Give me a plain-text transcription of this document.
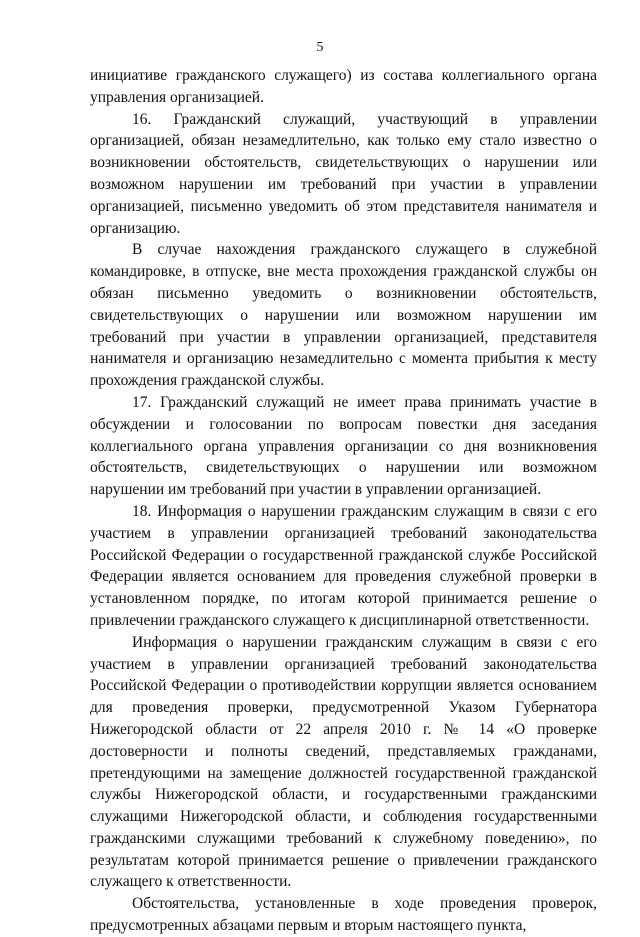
5

инициативе гражданского служащего) из состава коллегиального органа управления организацией.

16. Гражданский служащий, участвующий в управлении организацией, обязан незамедлительно, как только ему стало известно о возникновении обстоятельств, свидетельствующих о нарушении или возможном нарушении им требований при участии в управлении организацией, письменно уведомить об этом представителя нанимателя и организацию.

В случае нахождения гражданского служащего в служебной командировке, в отпуске, вне места прохождения гражданской службы он обязан письменно уведомить о возникновении обстоятельств, свидетельствующих о нарушении или возможном нарушении им требований при участии в управлении организацией, представителя нанимателя и организацию незамедлительно с момента прибытия к месту прохождения гражданской службы.

17. Гражданский служащий не имеет права принимать участие в обсуждении и голосовании по вопросам повестки дня заседания коллегиального органа управления организации со дня возникновения обстоятельств, свидетельствующих о нарушении или возможном нарушении им требований при участии в управлении организацией.

18. Информация о нарушении гражданским служащим в связи с его участием в управлении организацией требований законодательства Российской Федерации о государственной гражданской службе Российской Федерации является основанием для проведения служебной проверки в установленном порядке, по итогам которой принимается решение о привлечении гражданского служащего к дисциплинарной ответственности.

Информация о нарушении гражданским служащим в связи с его участием в управлении организацией требований законодательства Российской Федерации о противодействии коррупции является основанием для проведения проверки, предусмотренной Указом Губернатора Нижегородской области от 22 апреля 2010 г. № 14 «О проверке достоверности и полноты сведений, представляемых гражданами, претендующими на замещение должностей государственной гражданской службы Нижегородской области, и государственными гражданскими служащими Нижегородской области, и соблюдения государственными гражданскими служащими требований к служебному поведению», по результатам которой принимается решение о привлечении гражданского служащего к ответственности.

Обстоятельства, установленные в ходе проведения проверок, предусмотренных абзацами первым и вторым настоящего пункта,
